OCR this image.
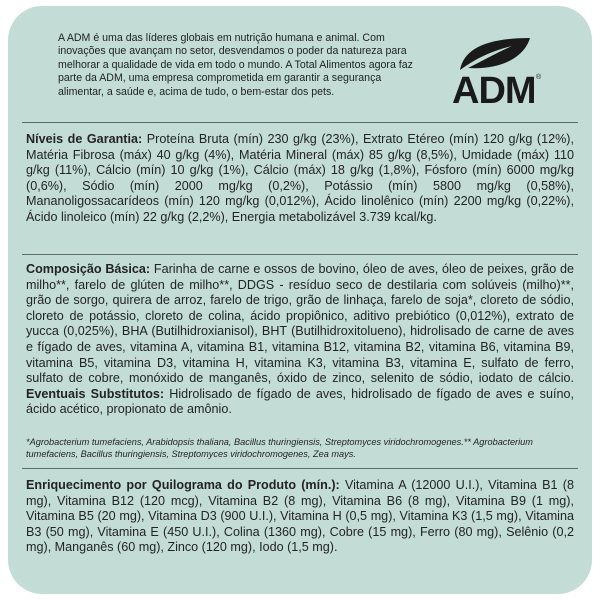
A ADM é uma das líderes globais em nutrição humana e animal. Com inovações que avançam no setor, desvendamos o poder da natureza para melhorar a qualidade de vida em todo o mundo. A Total Alimentos agora faz parte da ADM, uma empresa comprometida em garantir a segurança alimentar, a saúde e, acima de tudo, o bem-estar dos pets.	ADM ®
Níveis de Garantia: Proteína Bruta (mín) 230 g/kg (23%), Extrato Etéreo (mín) 120 g/kg (12%), Matéria Fibrosa (máx) 40 g/kg (4%), Matéria Mineral (máx) 85 g/kg (8,5%), Umidade (máx) 110 g/kg (11%), Cálcio (mín) 10 g/kg (1%), Cálcio (máx) 18 g/kg (1,8%), Fósforo (mín) 6000 mg/kg (0,6%), Sódio (mín) 2000 mg/kg (0,2%), Potássio (mín) 5800 mg/kg (0,58%), Mananoligossacarídeos (mín) 120 mg/kg (0,012%), Ácido linolênico (mín) 2200 mg/kg (0,22%), Ácido linoleico (mín) 22 g/kg (2,2%), Energia metabolizável 3.739 kcal/kg.
Composição Básica: Farinha de carne e ossos de bovino, óleo de aves, óleo de peixes, grão de milho**, farelo de glúten de milho**, DDGS - resíduo seco de destilaria com solúveis (milho)**, grão de sorgo, quirera de arroz, farelo de trigo, grão de linhaça, farelo de soja*, cloreto de sódio, cloreto de potássio, cloreto de colina, ácido propiônico, aditivo prebiótico (0,012%), extrato de yucca (0,025%), BHA (Butilhidroxianisol), BHT (Butilhidroxitolueno), hidrolisado de carne de aves e fígado de aves, vitamina A, vitamina B1, vitamina B12, vitamina B2, vitamina B6, vitamina B9, vitamina B5, vitamina D3, vitamina H, vitamina K3, vitamina B3, vitamina E, sulfato de ferro, sulfato de cobre, monóxido de manganês, óxido de zinco, selenito de sódio, iodato de cálcio. Eventuais Substitutos: Hidrolisado de fígado de aves, hidrolisado de fígado de aves e suíno, ácido acético, propionato de amônio.
*Agrobacterium tumefaciens, Arabidopsis thaliana, Bacillus thuringiensis, Streptomyces viridochromogenes.** Agrobacterium tumefaciens, Bacillus thuringiensis, Streptomyces viridochromogenes, Zea mays.
Enriquecimento por Quilograma do Produto (mín.): Vitamina A (12000 U.I.), Vitamina B1 (8 mg), Vitamina B12 (120 mcg), Vitamina B2 (8 mg), Vitamina B6 (8 mg), Vitamina B9 (1 mg), Vitamina B5 (20 mg), Vitamina D3 (900 U.I.), Vitamina H (0,5 mg), Vitamina K3 (1,5 mg), Vitamina B3 (50 mg), Vitamina E (450 U.I.), Colina (1360 mg), Cobre (15 mg), Ferro (80 mg), Selênio (0,2 mg), Manganês (60 mg), Zinco (120 mg), Iodo (1,5 mg).
